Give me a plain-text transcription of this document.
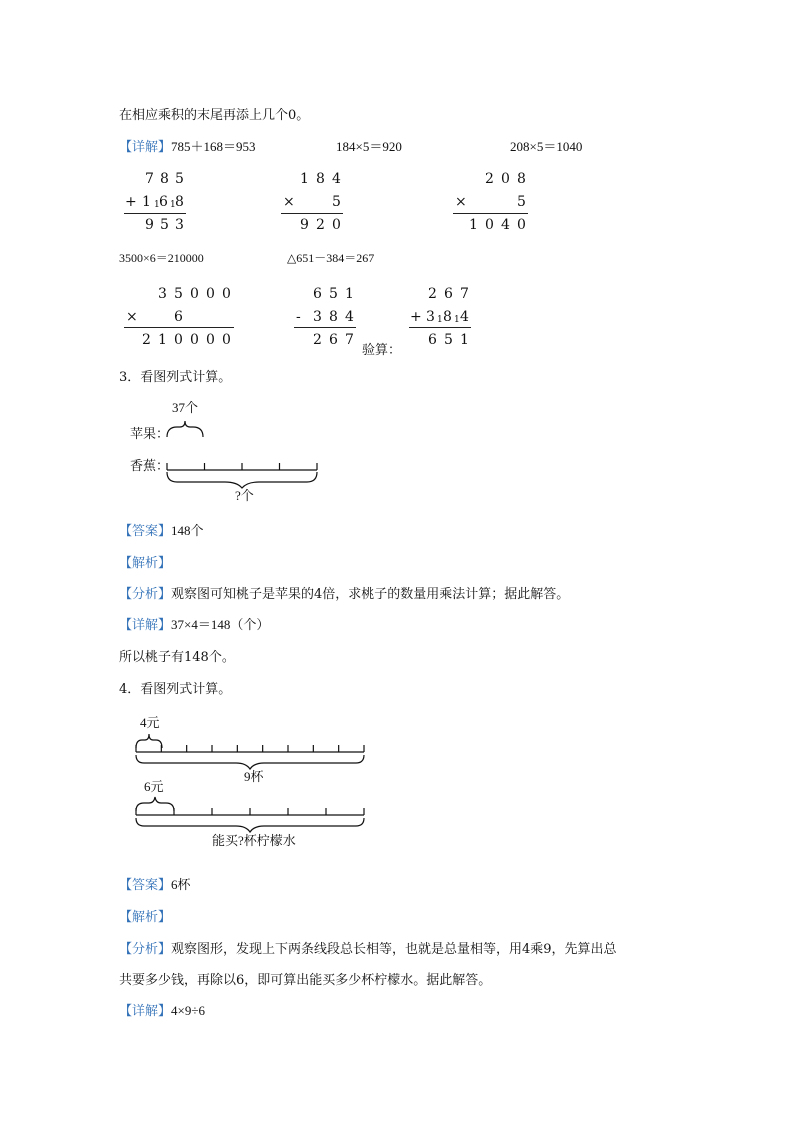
在相应乘积的末尾再添上几个0。
【详解】785＋168＝953	184×5＝920	208×5＝1040
7 8 5
+ 1 1 6 1 8
9 5 3
1 8 4
×	5
9 2 0
2 0 8
×	5
1 0 4 0
3500×6＝210000	△651－384＝267
3 5 0 0 0
×	6
2 1 0 0 0 0
6 5 1
- 3 8 4
2 6 7
验算：
2 6 7
+ 3 1 8 1 4
6 5 1
3．看图列式计算。
37个
苹果：
香蕉：
?个
【答案】148个
【解析】
【分析】观察图可知桃子是苹果的4倍，求桃子的数量用乘法计算；据此解答。
【详解】37×4＝148（个）
所以桃子有148个。
4．看图列式计算。
4元
9杯
6元
能买?杯柠檬水
【答案】6杯
【解析】
【分析】观察图形，发现上下两条线段总长相等，也就是总量相等，用4乘9，先算出总
共要多少钱，再除以6，即可算出能买多少杯柠檬水。据此解答。
【详解】4×9÷6
